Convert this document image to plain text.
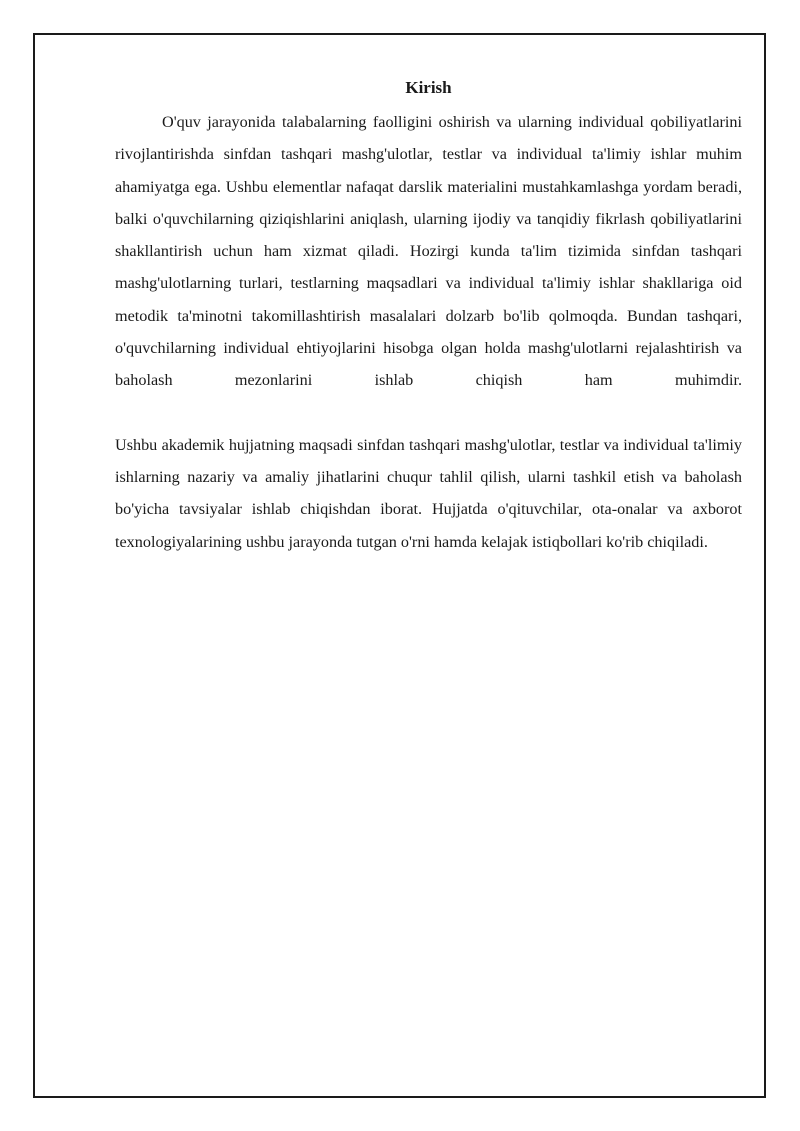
Kirish

O'quv jarayonida talabalarning faolligini oshirish va ularning individual qobiliyatlarini rivojlantirishda sinfdan tashqari mashg'ulotlar, testlar va individual ta'limiy ishlar muhim ahamiyatga ega. Ushbu elementlar nafaqat darslik materialini mustahkamlashga yordam beradi, balki o'quvchilarning qiziqishlarini aniqlash, ularning ijodiy va tanqidiy fikrlash qobiliyatlarini shakllantirish uchun ham xizmat qiladi. Hozirgi kunda ta'lim tizimida sinfdan tashqari mashg'ulotlarning turlari, testlarning maqsadlari va individual ta'limiy ishlar shakllariga oid metodik ta'minotni takomillashtirish masalalari dolzarb bo'lib qolmoqda. Bundan tashqari, o'quvchilarning individual ehtiyojlarini hisobga olgan holda mashg'ulotlarni rejalashtirish va baholash mezonlarini ishlab chiqish ham muhimdir.

Ushbu akademik hujjatning maqsadi sinfdan tashqari mashg'ulotlar, testlar va individual ta'limiy ishlarning nazariy va amaliy jihatlarini chuqur tahlil qilish, ularni tashkil etish va baholash bo'yicha tavsiyalar ishlab chiqishdan iborat. Hujjatda o'qituvchilar, ota-onalar va axborot texnologiyalarining ushbu jarayonda tutgan o'rni hamda kelajak istiqbollari ko'rib chiqiladi.
